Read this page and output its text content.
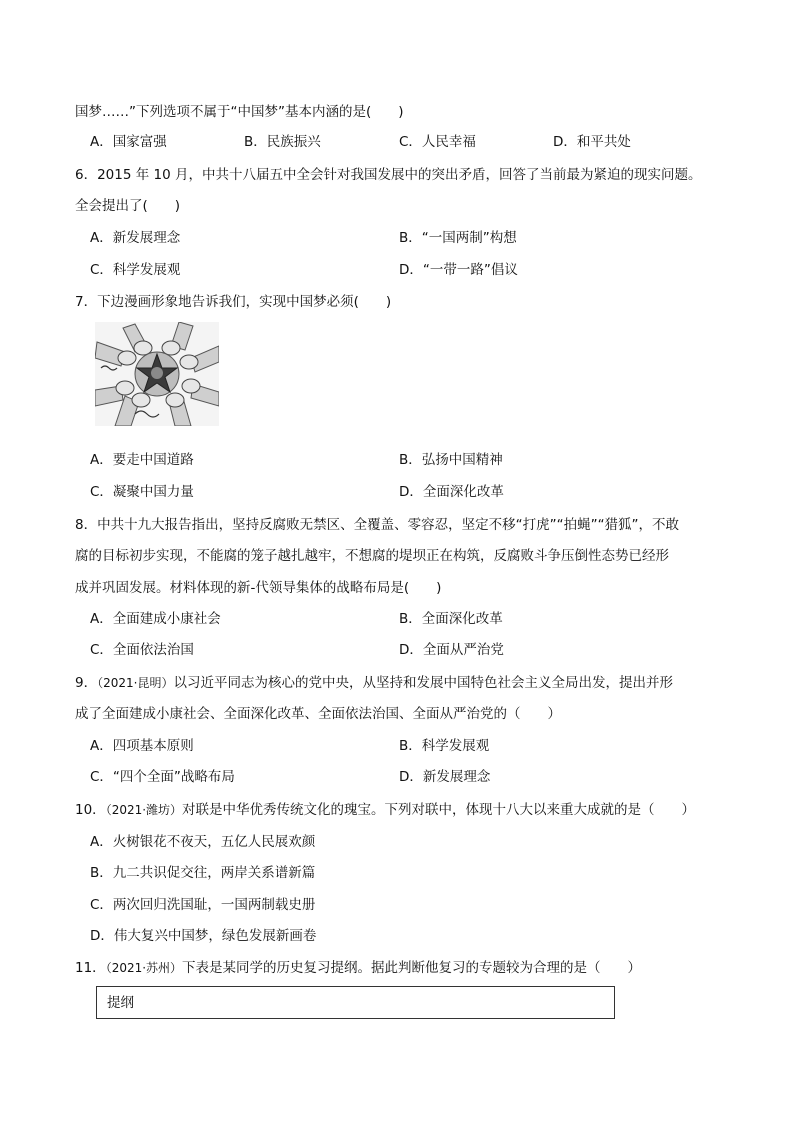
国梦……”下列选项不属于“中国梦”基本内涵的是(　　)
A．国家富强	B．民族振兴	C．人民幸福	D．和平共处
6．2015 年 10 月，中共十八届五中全会针对我国发展中的突出矛盾，回答了当前最为紧迫的现实问题。
全会提出了(　　)
A．新发展理念	B．“一国两制”构想
C．科学发展观	D．“一带一路”倡议
7．下边漫画形象地告诉我们，实现中国梦必须(　　)
A．要走中国道路	B．弘扬中国精神
C．凝聚中国力量	D．全面深化改革
8．中共十九大报告指出，坚持反腐败无禁区、全覆盖、零容忍，坚定不移“打虎”“拍蝇”“猎狐”，不敢
腐的目标初步实现，不能腐的笼子越扎越牢，不想腐的堤坝正在构筑，反腐败斗争压倒性态势已经形
成并巩固发展。材料体现的新-代领导集体的战略布局是(　　)
A．全面建成小康社会	B．全面深化改革
C．全面依法治国	D．全面从严治党
9．（2021·昆明）以习近平同志为核心的党中央，从坚持和发展中国特色社会主义全局出发，提出并形
成了全面建成小康社会、全面深化改革、全面依法治国、全面从严治党的（　　）
A．四项基本原则	B．科学发展观
C．“四个全面”战略布局	D．新发展理念
10．（2021·潍坊）对联是中华优秀传统文化的瑰宝。下列对联中，体现十八大以来重大成就的是（　　）
A．火树银花不夜天，五亿人民展欢颜
B．九二共识促交往，两岸关系谱新篇
C．两次回归洗国耻，一国两制载史册
D．伟大复兴中国梦，绿色发展新画卷
11．（2021·苏州）下表是某同学的历史复习提纲。据此判断他复习的专题较为合理的是（　　）
提纲
